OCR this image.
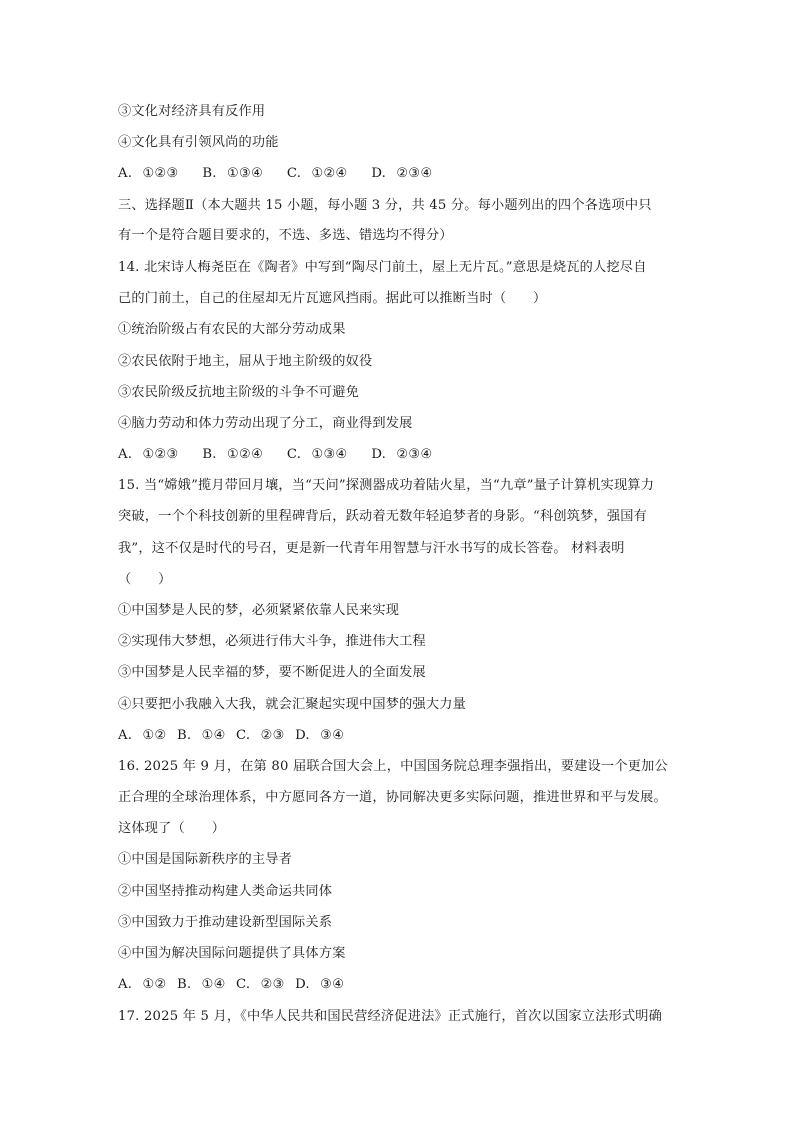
③文化对经济具有反作用
④文化具有引领风尚的功能
A. ①②③　 B. ①③④　 C. ①②④　 D. ②③④
三、选择题Ⅱ（本大题共 15 小题，每小题 3 分，共 45 分。每小题列出的四个各选项中只
有一个是符合题目要求的，不选、多选、错选均不得分）
14. 北宋诗人梅尧臣在《陶者》中写到“陶尽门前土，屋上无片瓦。”意思是烧瓦的人挖尽自
己的门前土，自己的住屋却无片瓦遮风挡雨。据此可以推断当时（　　）
①统治阶级占有农民的大部分劳动成果
②农民依附于地主，屈从于地主阶级的奴役
③农民阶级反抗地主阶级的斗争不可避免
④脑力劳动和体力劳动出现了分工，商业得到发展
A. ①②③　 B. ①②④　 C. ①③④　 D. ②③④
15. 当“嫦娥”揽月带回月壤，当“天问”探测器成功着陆火星，当“九章”量子计算机实现算力
突破，一个个科技创新的里程碑背后，跃动着无数年轻追梦者的身影。“科创筑梦，强国有
我”，这不仅是时代的号召，更是新一代青年用智慧与汗水书写的成长答卷。 材料表明
（　　）
①中国梦是人民的梦，必须紧紧依靠人民来实现
②实现伟大梦想，必须进行伟大斗争，推进伟大工程
③中国梦是人民幸福的梦，要不断促进人的全面发展
④只要把小我融入大我，就会汇聚起实现中国梦的强大力量
A. ①② B. ①④ C. ②③ D. ③④
16. 2025 年 9 月，在第 80 届联合国大会上，中国国务院总理李强指出，要建设一个更加公
正合理的全球治理体系，中方愿同各方一道，协同解决更多实际问题，推进世界和平与发展。
这体现了（　　）
①中国是国际新秩序的主导者
②中国坚持推动构建人类命运共同体
③中国致力于推动建设新型国际关系
④中国为解决国际问题提供了具体方案
A. ①② B. ①④ C. ②③ D. ③④
17. 2025 年 5 月，《中华人民共和国民营经济促进法》正式施行，首次以国家立法形式明确
